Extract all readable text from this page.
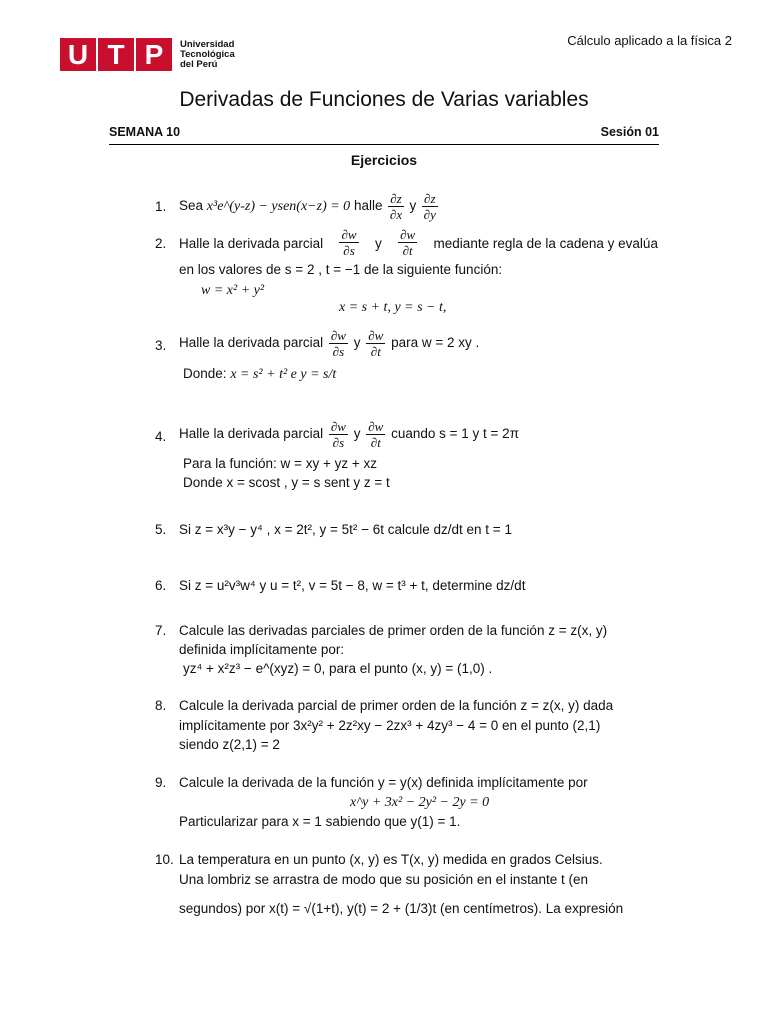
U T P	Universidad
Tecnológica
del Perú
Cálculo aplicado a la física 2
Derivadas de Funciones de Varias variables
SEMANA 10	Sesión 01
Ejercicios
1. Sea x³e^(y-z) − ysen(x−z) = 0 halle $\frac{\partial z}{\partial x}$ y $\frac{\partial z}{\partial y}$
2. Halle la derivada parcial $\frac{\partial w}{\partial s}$ y $\frac{\partial w}{\partial t}$ mediante regla de la cadena y evalúa
en los valores de s = 2 , t = −1 de la siguiente función:
w = x² + y²
x = s + t, y = s − t,
3. Halle la derivada parcial $\frac{\partial w}{\partial s}$ y $\frac{\partial w}{\partial t}$ para w = 2 xy .
Donde: x = s² + t² e y = s/t
4. Halle la derivada parcial $\frac{\partial w}{\partial s}$ y $\frac{\partial w}{\partial t}$ cuando s = 1 y t = 2π
Para la función: w = xy + yz + xz
Donde x = scost , y = s sent y z = t
5. Si z = x³y − y⁴ , x = 2t², y = 5t² − 6t calcule dz/dt en t = 1
6. Si z = u²v³w⁴ y u = t², v = 5t − 8, w = t³ + t, determine dz/dt
7. Calcule las derivadas parciales de primer orden de la función z = z(x, y)
definida implícitamente por:
yz⁴ + x²z³ − e^(xyz) = 0, para el punto (x, y) = (1,0) .
8. Calcule la derivada parcial de primer orden de la función z = z(x, y) dada
implícitamente por 3x²y² + 2z²xy − 2zx³ + 4zy³ − 4 = 0 en el punto (2,1)
siendo z(2,1) = 2
9. Calcule la derivada de la función y = y(x) definida implícitamente por
x^y + 3x² − 2y² − 2y = 0
Particularizar para x = 1 sabiendo que y(1) = 1.
10. La temperatura en un punto (x, y) es T(x, y) medida en grados Celsius.
Una lombriz se arrastra de modo que su posición en el instante t (en
segundos) por x(t) = √(1+t), y(t) = 2 + (1/3)t (en centímetros). La expresión
